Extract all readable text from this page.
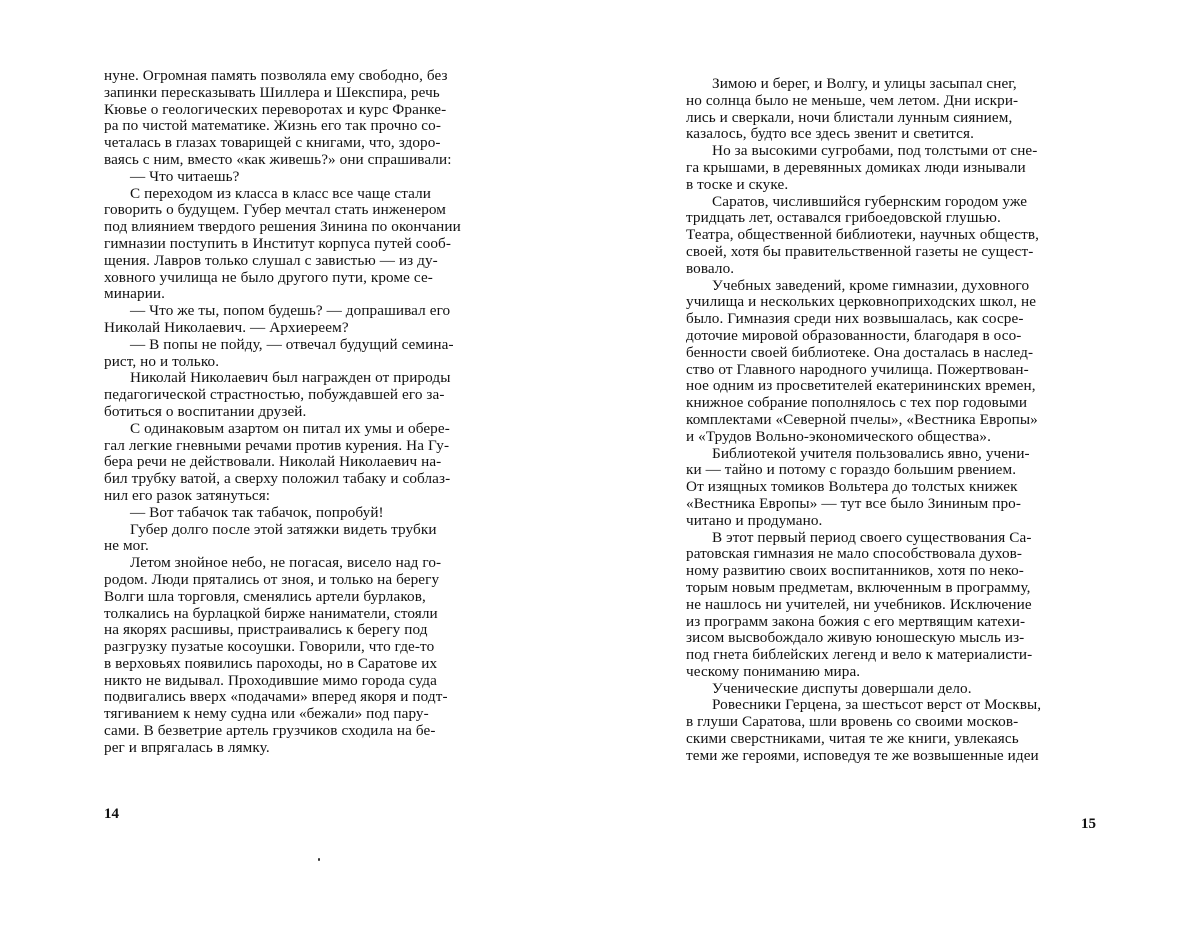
нуне. Огромная память позволяла ему свободно, без
запинки пересказывать Шиллера и Шекспира, речь
Кювье о геологических переворотах и курс Франке-
ра по чистой математике. Жизнь его так прочно со-
четалась в глазах товарищей с книгами, что, здоро-
ваясь с ним, вместо «как живешь?» они спрашивали:

— Что читаешь?

С переходом из класса в класс все чаще стали
говорить о будущем. Губер мечтал стать инженером
под влиянием твердого решения Зинина по окончании
гимназии поступить в Институт корпуса путей сооб-
щения. Лавров только слушал с завистью — из ду-
ховного училища не было другого пути, кроме се-
минарии.

— Что же ты, попом будешь? — допрашивал его
Николай Николаевич. — Архиереем?

— В попы не пойду, — отвечал будущий семина-
рист, но и только.

Николай Николаевич был награжден от природы
педагогической страстностью, побуждавшей его за-
ботиться о воспитании друзей.

С одинаковым азартом он питал их умы и обере-
гал легкие гневными речами против курения. На Гу-
бера речи не действовали. Николай Николаевич на-
бил трубку ватой, а сверху положил табаку и соблаз-
нил его разок затянуться:

— Вот табачок так табачок, попробуй!

Губер долго после этой затяжки видеть трубки
не мог.

Летом знойное небо, не погасая, висело над го-
родом. Люди прятались от зноя, и только на берегу
Волги шла торговля, сменялись артели бурлаков,
толкались на бурлацкой бирже наниматели, стояли
на якорях расшивы, пристраивались к берегу под
разгрузку пузатые косоушки. Говорили, что где-то
в верховьях появились пароходы, но в Саратове их
никто не видывал. Проходившие мимо города суда
подвигались вверх «подачами» вперед якоря и подт-
тягиванием к нему судна или «бежали» под пару-
сами. В безветрие артель грузчиков сходила на бе-
рег и впрягалась в лямку.

14

Зимою и берег, и Волгу, и улицы засыпал снег,
но солнца было не меньше, чем летом. Дни искри-
лись и сверкали, ночи блистали лунным сиянием,
казалось, будто все здесь звенит и светится.

Но за высокими сугробами, под толстыми от сне-
га крышами, в деревянных домиках люди изнывали
в тоске и скуке.

Саратов, числившийся губернским городом уже
тридцать лет, оставался грибоедовской глушью.
Театра, общественной библиотеки, научных обществ,
своей, хотя бы правительственной газеты не сущест-
вовало.

Учебных заведений, кроме гимназии, духовного
училища и нескольких церковноприходских школ, не
было. Гимназия среди них возвышалась, как сосре-
доточие мировой образованности, благодаря в осо-
бенности своей библиотеке. Она досталась в наслед-
ство от Главного народного училища. Пожертвован-
ное одним из просветителей екатерининских времен,
книжное собрание пополнялось с тех пор годовыми
комплектами «Северной пчелы», «Вестника Европы»
и «Трудов Вольно-экономического общества».

Библиотекой учителя пользовались явно, учени-
ки — тайно и потому с гораздо большим рвением.
От изящных томиков Вольтера до толстых книжек
«Вестника Европы» — тут все было Зининым про-
читано и продумано.

В этот первый период своего существования Са-
ратовская гимназия не мало способствовала духов-
ному развитию своих воспитанников, хотя по неко-
торым новым предметам, включенным в программу,
не нашлось ни учителей, ни учебников. Исключение
из программ закона божия с его мертвящим катехи-
зисом высвобождало живую юношескую мысль из-
под гнета библейских легенд и вело к материалисти-
ческому пониманию мира.

Ученические диспуты довершали дело.

Ровесники Герцена, за шестьсот верст от Москвы,
в глуши Саратова, шли вровень со своими москов-
скими сверстниками, читая те же книги, увлекаясь
теми же героями, исповедуя те же возвышенные идеи

15
